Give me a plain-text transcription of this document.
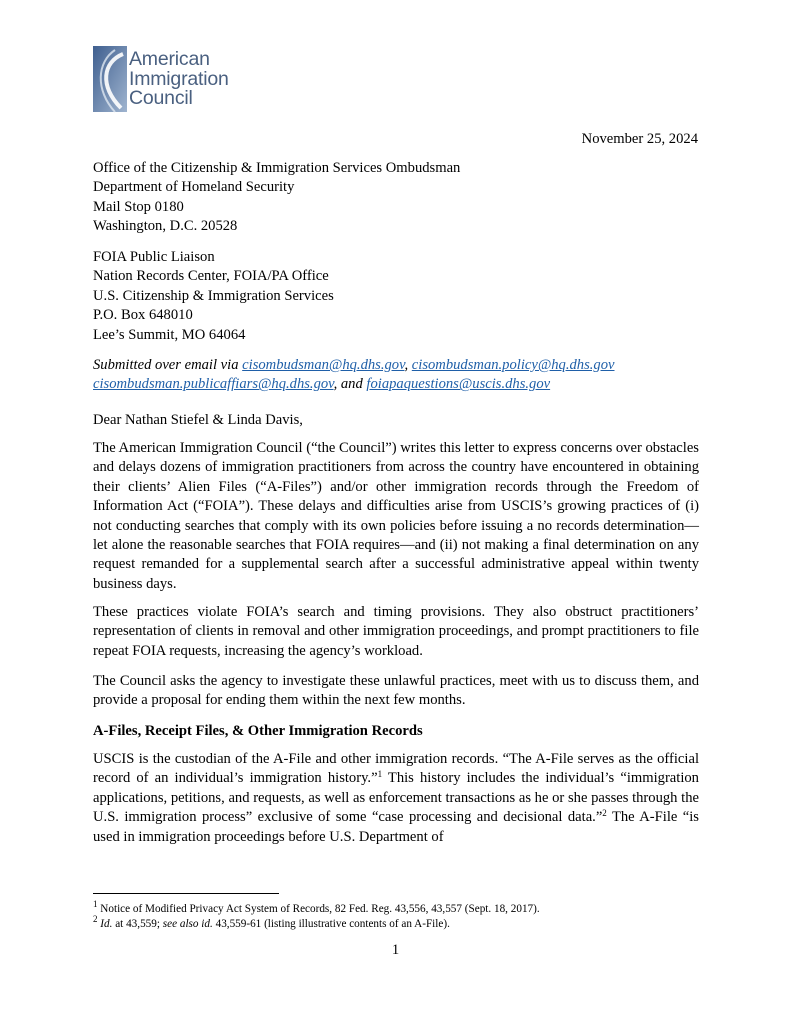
American
Immigration
Council
November 25, 2024
Office of the Citizenship & Immigration Services Ombudsman
Department of Homeland Security
Mail Stop 0180
Washington, D.C. 20528
FOIA Public Liaison
Nation Records Center, FOIA/PA Office
U.S. Citizenship & Immigration Services
P.O. Box 648010
Lee’s Summit, MO 64064
Submitted over email via cisombudsman@hq.dhs.gov, cisombudsman.policy@hq.dhs.gov
cisombudsman.publicaffiars@hq.dhs.gov, and foiapaquestions@uscis.dhs.gov
Dear Nathan Stiefel & Linda Davis,

The American Immigration Council (“the Council”) writes this letter to express concerns over obstacles and delays dozens of immigration practitioners from across the country have encountered in obtaining their clients’ Alien Files (“A-Files”) and/or other immigration records through the Freedom of Information Act (“FOIA”). These delays and difficulties arise from USCIS’s growing practices of (i) not conducting searches that comply with its own policies before issuing a no records determination—let alone the reasonable searches that FOIA requires—and (ii) not making a final determination on any request remanded for a supplemental search after a successful administrative appeal within twenty business days.

These practices violate FOIA’s search and timing provisions. They also obstruct practitioners’ representation of clients in removal and other immigration proceedings, and prompt practitioners to file repeat FOIA requests, increasing the agency’s workload.

The Council asks the agency to investigate these unlawful practices, meet with us to discuss them, and provide a proposal for ending them within the next few months.

A-Files, Receipt Files, & Other Immigration Records

USCIS is the custodian of the A-File and other immigration records. “The A-File serves as the official record of an individual’s immigration history.”$^1$ This history includes the individual’s “immigration applications, petitions, and requests, as well as enforcement transactions as he or she passes through the U.S. immigration process” exclusive of some “case processing and decisional data.”$^2$ The A-File “is used in immigration proceedings before U.S. Department of

$^1$ Notice of Modified Privacy Act System of Records, 82 Fed. Reg. 43,556, 43,557 (Sept. 18, 2017).
$^2$ Id. at 43,559; see also id. 43,559-61 (listing illustrative contents of an A-File).
1
